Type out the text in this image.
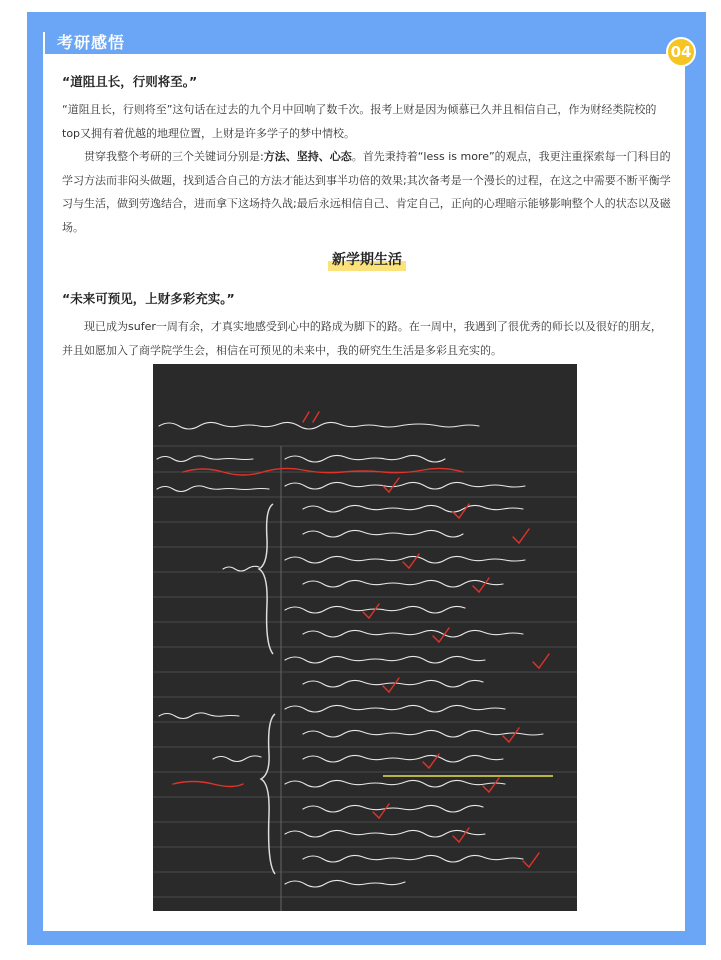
考研感悟	04

“道阻且长，行则将至。”

“道阻且长，行则将至”这句话在过去的九个月中回响了数千次。报考上财是因为倾慕已久并且相信自己，作为财经类院校的top又拥有着优越的地理位置，上财是许多学子的梦中情校。

贯穿我整个考研的三个关键词分别是:方法、坚持、心态。首先秉持着“less is more”的观点，我更注重探索每一门科目的学习方法而非闷头做题，找到适合自己的方法才能达到事半功倍的效果;其次备考是一个漫长的过程，在这之中需要不断平衡学习与生活，做到劳逸结合，进而拿下这场持久战;最后永远相信自己、肯定自己，正向的心理暗示能够影响整个人的状态以及磁场。

新学期生活

“未来可预见，上财多彩充实。”

现已成为sufer一周有余，才真实地感受到心中的路成为脚下的路。在一周中，我遇到了很优秀的师长以及很好的朋友，并且如愿加入了商学院学生会，相信在可预见的未来中，我的研究生生活是多彩且充实的。
